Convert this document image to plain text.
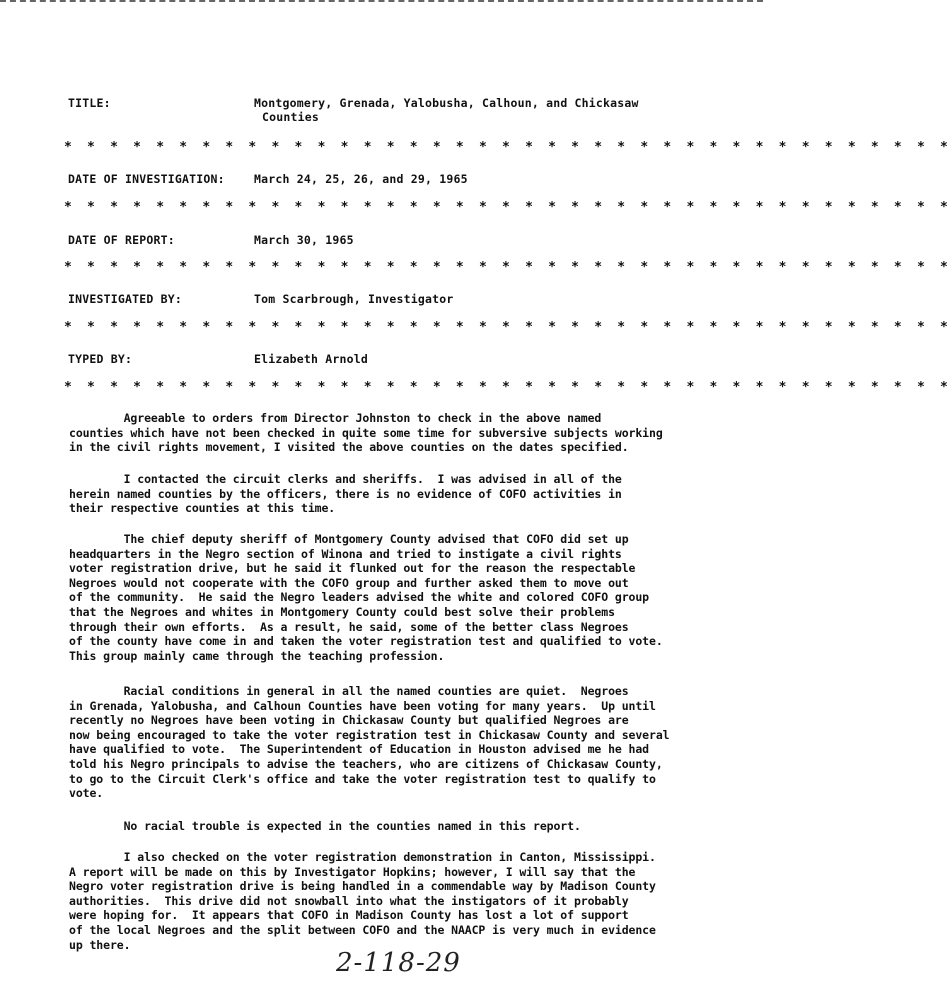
TITLE:	Montgomery, Grenada, Yalobusha, Calhoun, and Chickasaw
Counties
* * * * * * * * * * * * * * * * * * * * * * * * * * * * * * * * * * * * * * *
DATE OF INVESTIGATION:	March 24, 25, 26, and 29, 1965
* * * * * * * * * * * * * * * * * * * * * * * * * * * * * * * * * * * * * * *
DATE OF REPORT:	March 30, 1965
* * * * * * * * * * * * * * * * * * * * * * * * * * * * * * * * * * * * * * *
INVESTIGATED BY:	Tom Scarbrough, Investigator
* * * * * * * * * * * * * * * * * * * * * * * * * * * * * * * * * * * * * * *
TYPED BY:	Elizabeth Arnold
* * * * * * * * * * * * * * * * * * * * * * * * * * * * * * * * * * * * * * *
Agreeable to orders from Director Johnston to check in the above named
counties which have not been checked in quite some time for subversive subjects working
in the civil rights movement, I visited the above counties on the dates specified.
I contacted the circuit clerks and sheriffs.  I was advised in all of the
herein named counties by the officers, there is no evidence of COFO activities in
their respective counties at this time.
The chief deputy sheriff of Montgomery County advised that COFO did set up
headquarters in the Negro section of Winona and tried to instigate a civil rights
voter registration drive, but he said it flunked out for the reason the respectable
Negroes would not cooperate with the COFO group and further asked them to move out
of the community.  He said the Negro leaders advised the white and colored COFO group
that the Negroes and whites in Montgomery County could best solve their problems
through their own efforts.  As a result, he said, some of the better class Negroes
of the county have come in and taken the voter registration test and qualified to vote.
This group mainly came through the teaching profession.
Racial conditions in general in all the named counties are quiet.  Negroes
in Grenada, Yalobusha, and Calhoun Counties have been voting for many years.  Up until
recently no Negroes have been voting in Chickasaw County but qualified Negroes are
now being encouraged to take the voter registration test in Chickasaw County and several
have qualified to vote.  The Superintendent of Education in Houston advised me he had
told his Negro principals to advise the teachers, who are citizens of Chickasaw County,
to go to the Circuit Clerk's office and take the voter registration test to qualify to
vote.
No racial trouble is expected in the counties named in this report.
I also checked on the voter registration demonstration in Canton, Mississippi.
A report will be made on this by Investigator Hopkins; however, I will say that the
Negro voter registration drive is being handled in a commendable way by Madison County
authorities.  This drive did not snowball into what the instigators of it probably
were hoping for.  It appears that COFO in Madison County has lost a lot of support
of the local Negroes and the split between COFO and the NAACP is very much in evidence
up there.
2-118-29
